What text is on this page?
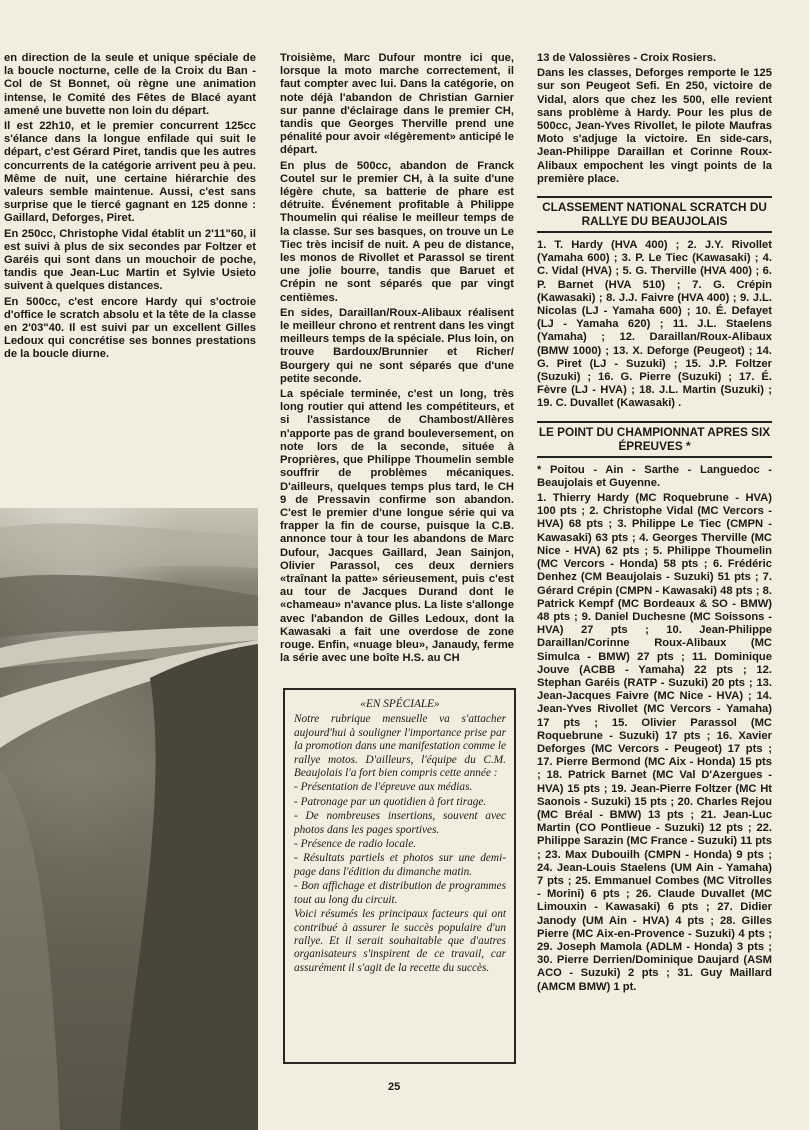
en direction de la seule et unique spéciale de la boucle nocturne, celle de la Croix du Ban - Col de St Bonnet, où règne une animation intense, le Comité des Fêtes de Blacé ayant amené une buvette non loin du départ.

Il est 22h10, et le premier concurrent 125cc s'élance dans la longue enfilade qui suit le départ, c'est Gérard Piret, tandis que les autres concurrents de la catégorie arrivent peu à peu. Même de nuit, une certaine hiérarchie des valeurs semble maintenue. Aussi, c'est sans surprise que le tiercé gagnant en 125 donne : Gaillard, Deforges, Piret.

En 250cc, Christophe Vidal établit un 2'11"60, il est suivi à plus de six secondes par Foltzer et Garéis qui sont dans un mouchoir de poche, tandis que Jean-Luc Martin et Sylvie Usieto suivent à quelques distances.

En 500cc, c'est encore Hardy qui s'octroie d'office le scratch absolu et la tête de la classe en 2'03"40. Il est suivi par un excellent Gilles Ledoux qui concrétise ses bonnes prestations de la boucle diurne.

«EN SPÉCIALE»

Notre rubrique mensuelle va s'attacher aujourd'hui à souligner l'importance prise par la promotion dans une manifestation comme le rallye motos. D'ailleurs, l'équipe du C.M. Beaujolais l'a fort bien compris cette année :

- Présentation de l'épreuve aux médias.

- Patronage par un quotidien à fort tirage.

- De nombreuses insertions, souvent avec photos dans les pages sportives.

- Présence de radio locale.

- Résultats partiels et photos sur une demi-page dans l'édition du dimanche matin.

- Bon affichage et distribution de programmes tout au long du circuit.

Voici résumés les principaux facteurs qui ont contribué à assurer le succès populaire d'un rallye. Et il serait souhaitable que d'autres organisateurs s'inspirent de ce travail, car assurément il s'agit de la recette du succès.

Troisième, Marc Dufour montre ici que, lorsque la moto marche correctement, il faut compter avec lui. Dans la catégorie, on note déjà l'abandon de Christian Garnier sur panne d'éclairage dans le premier CH, tandis que Georges Therville prend une pénalité pour avoir «légèrement» anticipé le départ.

En plus de 500cc, abandon de Franck Coutel sur le premier CH, à la suite d'une légère chute, sa batterie de phare est détruite. Événement profitable à Philippe Thoumelin qui réalise le meilleur temps de la classe. Sur ses basques, on trouve un Le Tiec très incisif de nuit. A peu de distance, les monos de Rivollet et Parassol se tirent une jolie bourre, tandis que Baruet et Crépin ne sont séparés que par vingt centièmes.

En sides, Daraillan/Roux-Alibaux réalisent le meilleur chrono et rentrent dans les vingt meilleurs temps de la spéciale. Plus loin, on trouve Bardoux/Brunnier et Richer/ Bourgery qui ne sont séparés que d'une petite seconde.

La spéciale terminée, c'est un long, très long routier qui attend les compétiteurs, et si l'assistance de Chambost/Allères n'apporte pas de grand bouleversement, on note lors de la seconde, située à Proprières, que Philippe Thoumelin semble souffrir de problèmes mécaniques. D'ailleurs, quelques temps plus tard, le CH 9 de Pressavin confirme son abandon. C'est le premier d'une longue série qui va frapper la fin de course, puisque la C.B. annonce tour à tour les abandons de Marc Dufour, Jacques Gaillard, Jean Sainjon, Olivier Parassol, ces deux derniers «traînant la patte» sérieusement, puis c'est au tour de Jacques Durand dont le «chameau» n'avance plus. La liste s'allonge avec l'abandon de Gilles Ledoux, dont la Kawasaki a fait une overdose de zone rouge. Enfin, «nuage bleu», Janaudy, ferme la série avec une boîte H.S. au CH

13 de Valossières - Croix Rosiers.

Dans les classes, Deforges remporte le 125 sur son Peugeot Sefi. En 250, victoire de Vidal, alors que chez les 500, elle revient sans problème à Hardy. Pour les plus de 500cc, Jean-Yves Rivollet, le pilote Maufras Moto s'adjuge la victoire. En side-cars, Jean-Philippe Daraillan et Corinne Roux-Alibaux empochent les vingt points de la première place.

CLASSEMENT NATIONAL SCRATCH DU RALLYE DU BEAUJOLAIS

1. T. Hardy (HVA 400) ; 2. J.Y. Rivollet (Yamaha 600) ; 3. P. Le Tiec (Kawasaki) ; 4. C. Vidal (HVA) ; 5. G. Therville (HVA 400) ; 6. P. Barnet (HVA 510) ; 7. G. Crépin (Kawasaki) ; 8. J.J. Faivre (HVA 400) ; 9. J.L. Nicolas (LJ - Yamaha 600) ; 10. É. Defayet (LJ - Yamaha 620) ; 11. J.L. Staelens (Yamaha) ; 12. Daraillan/Roux-Alibaux (BMW 1000) ; 13. X. Deforge (Peugeot) ; 14. G. Piret (LJ - Suzuki) ; 15. J.P. Foltzer (Suzuki) ; 16. G. Pierre (Suzuki) ; 17. É. Fèvre (LJ - HVA) ; 18. J.L. Martin (Suzuki) ; 19. C. Duvallet (Kawasaki) .

LE POINT DU CHAMPIONNAT APRES SIX ÉPREUVES *

* Poitou - Ain - Sarthe - Languedoc - Beaujolais et Guyenne.

1. Thierry Hardy (MC Roquebrune - HVA) 100 pts ; 2. Christophe Vidal (MC Vercors - HVA) 68 pts ; 3. Philippe Le Tiec (CMPN - Kawasaki) 63 pts ; 4. Georges Therville (MC Nice - HVA) 62 pts ; 5. Philippe Thoumelin (MC Vercors - Honda) 58 pts ; 6. Frédéric Denhez (CM Beaujolais - Suzuki) 51 pts ; 7. Gérard Crépin (CMPN - Kawasaki) 48 pts ; 8. Patrick Kempf (MC Bordeaux & SO - BMW) 48 pts ; 9. Daniel Duchesne (MC Soissons - HVA) 27 pts ; 10. Jean-Philippe Daraillan/Corinne Roux-Alibaux (MC Simulca - BMW) 27 pts ; 11. Dominique Jouve (ACBB - Yamaha) 22 pts ; 12. Stephan Garéis (RATP - Suzuki) 20 pts ; 13. Jean-Jacques Faivre (MC Nice - HVA) ; 14. Jean-Yves Rivollet (MC Vercors - Yamaha) 17 pts ; 15. Olivier Parassol (MC Roquebrune - Suzuki) 17 pts ; 16. Xavier Deforges (MC Vercors - Peugeot) 17 pts ; 17. Pierre Bermond (MC Aix - Honda) 15 pts ; 18. Patrick Barnet (MC Val D'Azergues - HVA) 15 pts ; 19. Jean-Pierre Foltzer (MC Ht Saonois - Suzuki) 15 pts ; 20. Charles Rejou (MC Bréal - BMW) 13 pts ; 21. Jean-Luc Martin (CO Pontlieue - Suzuki) 12 pts ; 22. Philippe Sarazin (MC France - Suzuki) 11 pts ; 23. Max Dubouilh (CMPN - Honda) 9 pts ; 24. Jean-Louis Staelens (UM Ain - Yamaha) 7 pts ; 25. Emmanuel Combes (MC Vitrolles - Morini) 6 pts ; 26. Claude Duvallet (MC Limouxin - Kawasaki) 6 pts ; 27. Didier Janody (UM Ain - HVA) 4 pts ; 28. Gilles Pierre (MC Aix-en-Provence - Suzuki) 4 pts ; 29. Joseph Mamola (ADLM - Honda) 3 pts ; 30. Pierre Derrien/Dominique Daujard (ASM ACO - Suzuki) 2 pts ; 31. Guy Maillard (AMCM BMW) 1 pt.

25
